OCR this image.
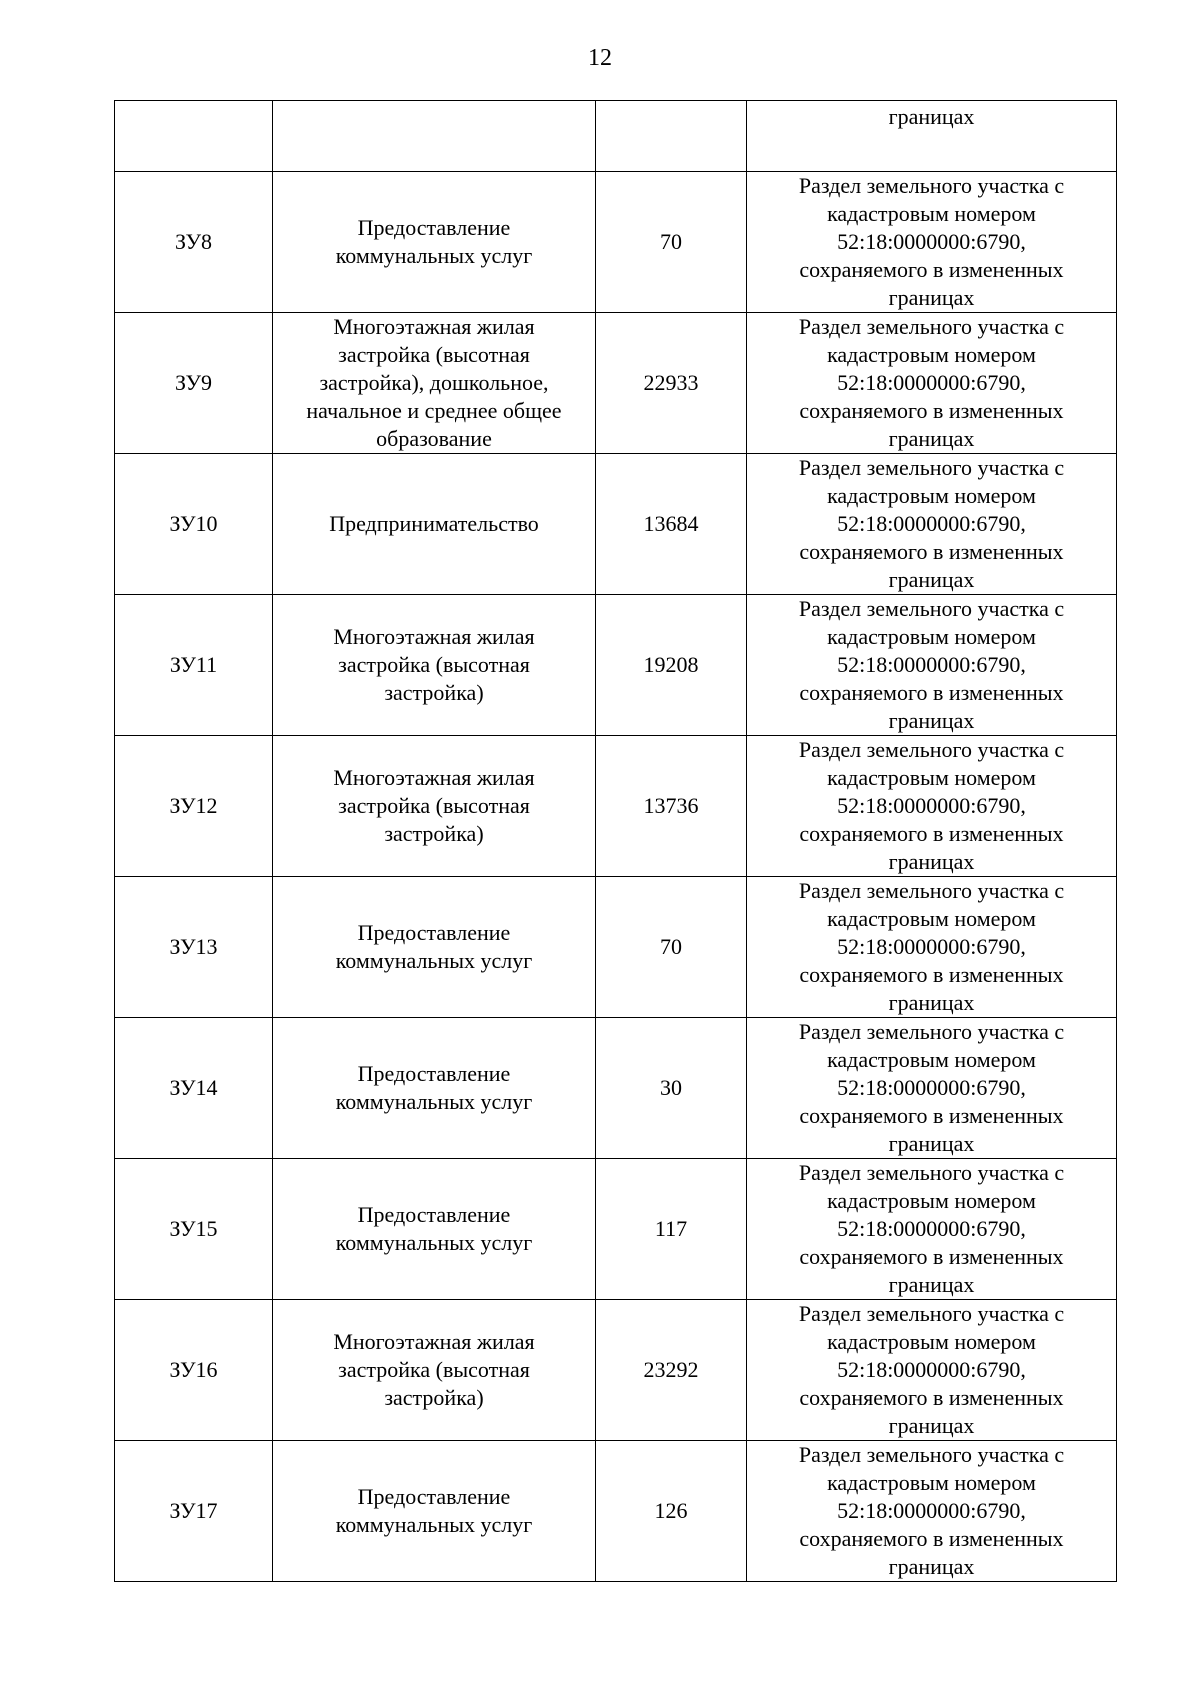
12
			границах
ЗУ8	Предоставление
коммунальных услуг	70	Раздел земельного участка с
кадастровым номером
52:18:0000000:6790,
сохраняемого в измененных
границах
ЗУ9	Многоэтажная жилая
застройка (высотная
застройка), дошкольное,
начальное и среднее общее
образование	22933	Раздел земельного участка с
кадастровым номером
52:18:0000000:6790,
сохраняемого в измененных
границах
ЗУ10	Предпринимательство	13684	Раздел земельного участка с
кадастровым номером
52:18:0000000:6790,
сохраняемого в измененных
границах
ЗУ11	Многоэтажная жилая
застройка (высотная
застройка)	19208	Раздел земельного участка с
кадастровым номером
52:18:0000000:6790,
сохраняемого в измененных
границах
ЗУ12	Многоэтажная жилая
застройка (высотная
застройка)	13736	Раздел земельного участка с
кадастровым номером
52:18:0000000:6790,
сохраняемого в измененных
границах
ЗУ13	Предоставление
коммунальных услуг	70	Раздел земельного участка с
кадастровым номером
52:18:0000000:6790,
сохраняемого в измененных
границах
ЗУ14	Предоставление
коммунальных услуг	30	Раздел земельного участка с
кадастровым номером
52:18:0000000:6790,
сохраняемого в измененных
границах
ЗУ15	Предоставление
коммунальных услуг	117	Раздел земельного участка с
кадастровым номером
52:18:0000000:6790,
сохраняемого в измененных
границах
ЗУ16	Многоэтажная жилая
застройка (высотная
застройка)	23292	Раздел земельного участка с
кадастровым номером
52:18:0000000:6790,
сохраняемого в измененных
границах
ЗУ17	Предоставление
коммунальных услуг	126	Раздел земельного участка с
кадастровым номером
52:18:0000000:6790,
сохраняемого в измененных
границах
